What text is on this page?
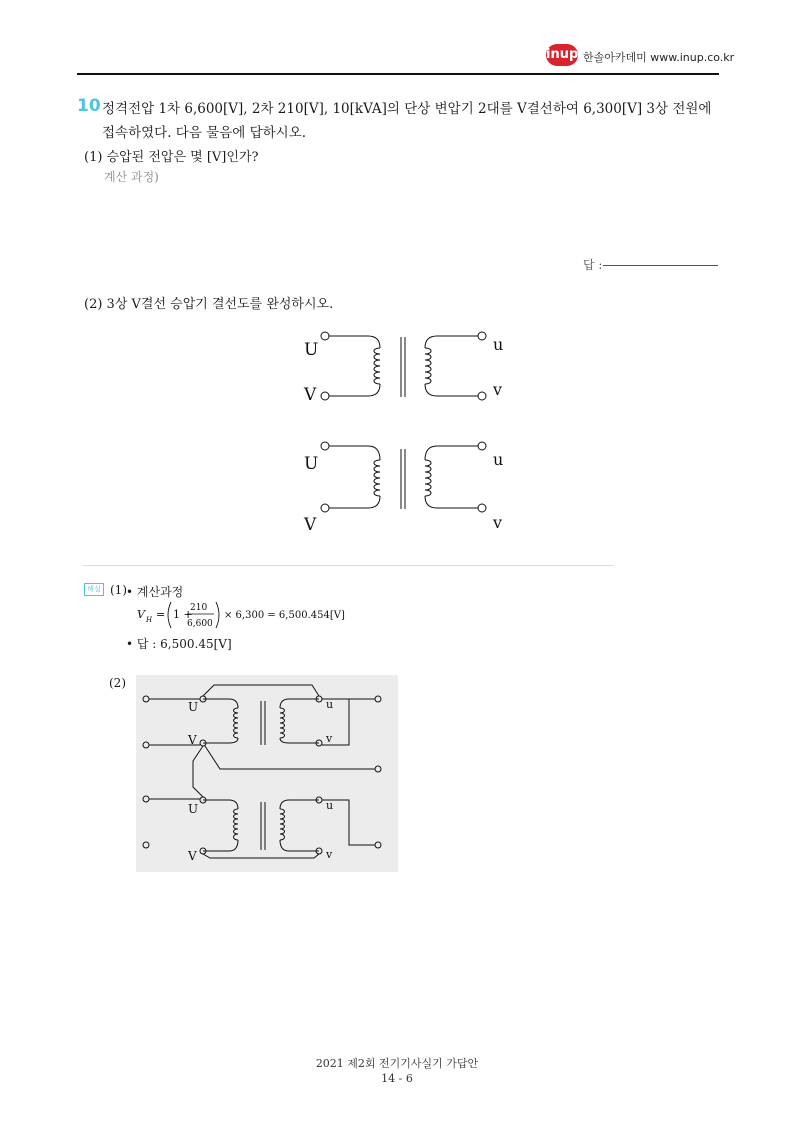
inup 한솔아카데미 www.inup.co.kr
10 정격전압 1차 6,600[V], 2차 210[V], 10[kVA]의 단상 변압기 2대를 V결선하여 6,300[V] 3상 전원에 접속하였다. 다음 물음에 답하시오.
(1) 승압된 전압은 몇 [V]인가?
계산 과정)
답 :
(2) 3상 V결선 승압기 결선도를 완성하시오.
U
V
u
v
U
V
u
v
해설 (1) • 계산과정
V H = 1 +
210
6,600
× 6,300 = 6,500.454[V]
• 답 : 6,500.45[V]
(2)
U
V
u
v
U
V
u
v
2021 제2회 전기기사실기 가답안
14 - 6
